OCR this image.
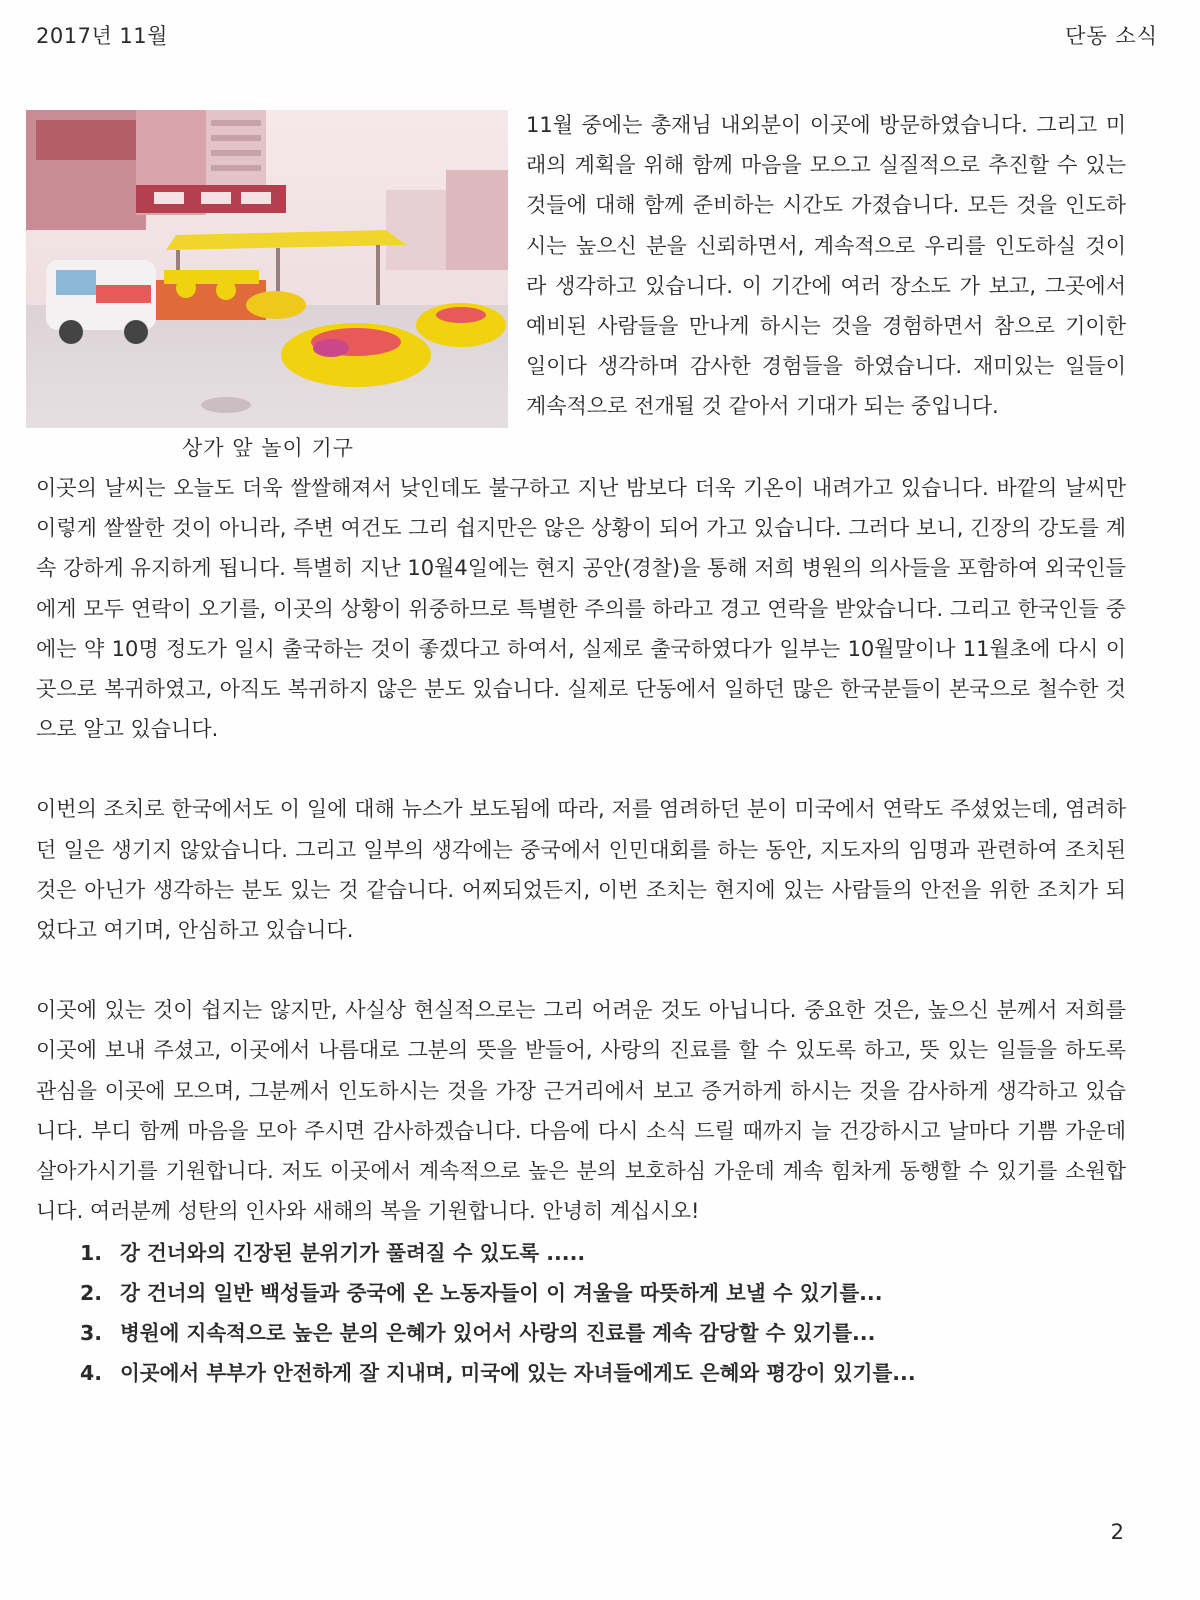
2017년 11월	단동 소식
상가 앞 놀이 기구

11월 중에는 총재님 내외분이 이곳에 방문하였습니다. 그리고 미래의 계획을 위해 함께 마음을 모으고 실질적으로 추진할 수 있는 것들에 대해 함께 준비하는 시간도 가졌습니다. 모든 것을 인도하시는 높으신 분을 신뢰하면서, 계속적으로 우리를 인도하실 것이라 생각하고 있습니다. 이 기간에 여러 장소도 가 보고, 그곳에서 예비된 사람들을 만나게 하시는 것을 경험하면서 참으로 기이한 일이다 생각하며 감사한 경험들을 하였습니다. 재미있는 일들이 계속적으로 전개될 것 같아서 기대가 되는 중입니다.

이곳의 날씨는 오늘도 더욱 쌀쌀해져서 낮인데도 불구하고 지난 밤보다 더욱 기온이 내려가고 있습니다. 바깥의 날씨만 이렇게 쌀쌀한 것이 아니라, 주변 여건도 그리 쉽지만은 않은 상황이 되어 가고 있습니다. 그러다 보니, 긴장의 강도를 계속 강하게 유지하게 됩니다. 특별히 지난 10월4일에는 현지 공안(경찰)을 통해 저희 병원의 의사들을 포함하여 외국인들에게 모두 연락이 오기를, 이곳의 상황이 위중하므로 특별한 주의를 하라고 경고 연락을 받았습니다. 그리고 한국인들 중에는 약 10명 정도가 일시 출국하는 것이 좋겠다고 하여서, 실제로 출국하였다가 일부는 10월말이나 11월초에 다시 이곳으로 복귀하였고, 아직도 복귀하지 않은 분도 있습니다. 실제로 단동에서 일하던 많은 한국분들이 본국으로 철수한 것으로 알고 있습니다.

이번의 조치로 한국에서도 이 일에 대해 뉴스가 보도됨에 따라, 저를 염려하던 분이 미국에서 연락도 주셨었는데, 염려하던 일은 생기지 않았습니다. 그리고 일부의 생각에는 중국에서 인민대회를 하는 동안, 지도자의 임명과 관련하여 조치된 것은 아닌가 생각하는 분도 있는 것 같습니다. 어찌되었든지, 이번 조치는 현지에 있는 사람들의 안전을 위한 조치가 되었다고 여기며, 안심하고 있습니다.

이곳에 있는 것이 쉽지는 않지만, 사실상 현실적으로는 그리 어려운 것도 아닙니다. 중요한 것은, 높으신 분께서 저희를 이곳에 보내 주셨고, 이곳에서 나름대로 그분의 뜻을 받들어, 사랑의 진료를 할 수 있도록 하고, 뜻 있는 일들을 하도록 관심을 이곳에 모으며, 그분께서 인도하시는 것을 가장 근거리에서 보고 증거하게 하시는 것을 감사하게 생각하고 있습니다. 부디 함께 마음을 모아 주시면 감사하겠습니다. 다음에 다시 소식 드릴 때까지 늘 건강하시고 날마다 기쁨 가운데 살아가시기를 기원합니다. 저도 이곳에서 계속적으로 높은 분의 보호하심 가운데 계속 힘차게 동행할 수 있기를 소원합니다. 여러분께 성탄의 인사와 새해의 복을 기원합니다. 안녕히 계십시오!

1. 강 건너와의 긴장된 분위기가 풀려질 수 있도록 .....
2. 강 건너의 일반 백성들과 중국에 온 노동자들이 이 겨울을 따뜻하게 보낼 수 있기를...
3. 병원에 지속적으로 높은 분의 은혜가 있어서 사랑의 진료를 계속 감당할 수 있기를...
4. 이곳에서 부부가 안전하게 잘 지내며, 미국에 있는 자녀들에게도 은혜와 평강이 있기를...
2
